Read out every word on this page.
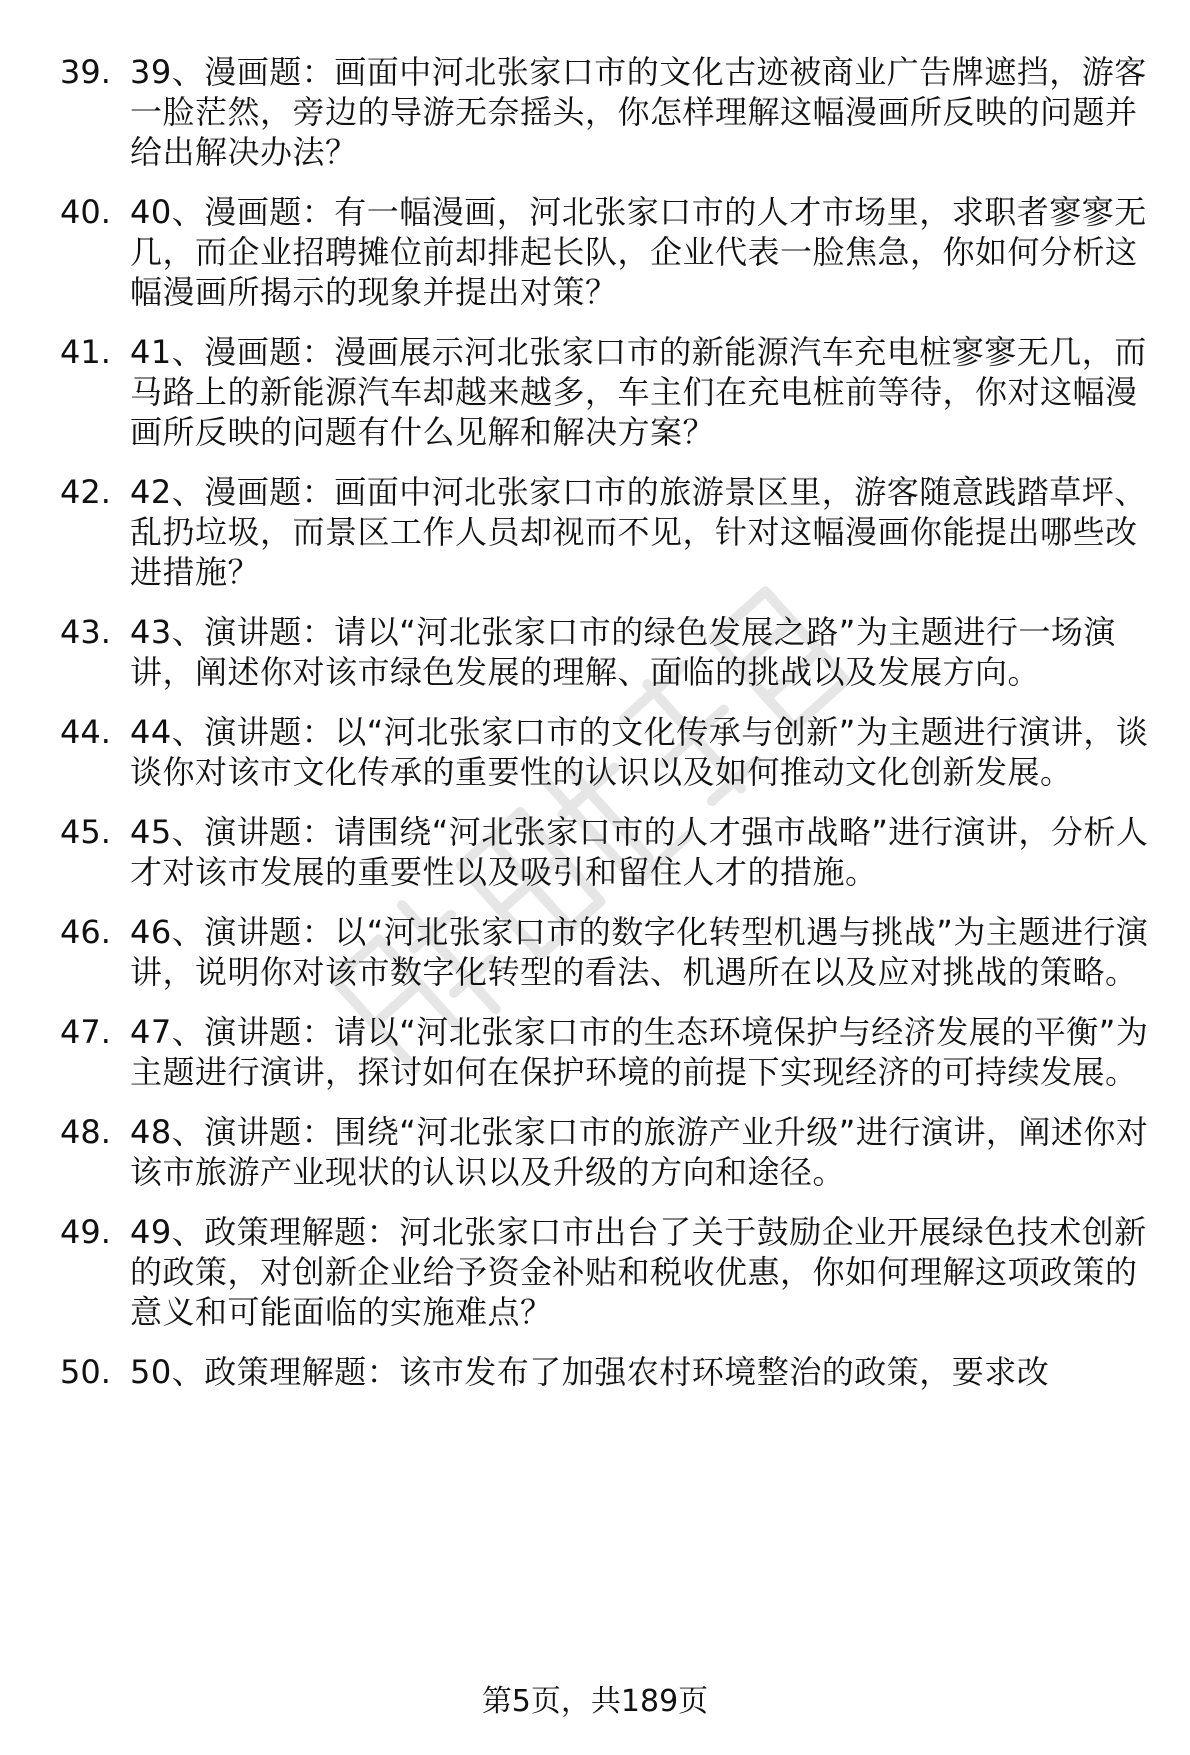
39. 39、漫画题：画面中河北张家口市的文化古迹被商业广告牌遮挡，游客一脸茫然，旁边的导游无奈摇头，你怎样理解这幅漫画所反映的问题并给出解决办法？
40. 40、漫画题：有一幅漫画，河北张家口市的人才市场里，求职者寥寥无几，而企业招聘摊位前却排起长队，企业代表一脸焦急，你如何分析这幅漫画所揭示的现象并提出对策？
41. 41、漫画题：漫画展示河北张家口市的新能源汽车充电桩寥寥无几，而马路上的新能源汽车却越来越多，车主们在充电桩前等待，你对这幅漫画所反映的问题有什么见解和解决方案？
42. 42、漫画题：画面中河北张家口市的旅游景区里，游客随意践踏草坪、乱扔垃圾，而景区工作人员却视而不见，针对这幅漫画你能提出哪些改进措施？
43. 43、演讲题：请以“河北张家口市的绿色发展之路”为主题进行一场演讲，阐述你对该市绿色发展的理解、面临的挑战以及发展方向。
44. 44、演讲题：以“河北张家口市的文化传承与创新”为主题进行演讲，谈谈你对该市文化传承的重要性的认识以及如何推动文化创新发展。
45. 45、演讲题：请围绕“河北张家口市的人才强市战略”进行演讲，分析人才对该市发展的重要性以及吸引和留住人才的措施。
46. 46、演讲题：以“河北张家口市的数字化转型机遇与挑战”为主题进行演讲，说明你对该市数字化转型的看法、机遇所在以及应对挑战的策略。
47. 47、演讲题：请以“河北张家口市的生态环境保护与经济发展的平衡”为主题进行演讲，探讨如何在保护环境的前提下实现经济的可持续发展。
48. 48、演讲题：围绕“河北张家口市的旅游产业升级”进行演讲，阐述你对该市旅游产业现状的认识以及升级的方向和途径。
49. 49、政策理解题：河北张家口市出台了关于鼓励企业开展绿色技术创新的政策，对创新企业给予资金补贴和税收优惠，你如何理解这项政策的意义和可能面临的实施难点？
50. 50、政策理解题：该市发布了加强农村环境整治的政策，要求改
第5页，共189页
